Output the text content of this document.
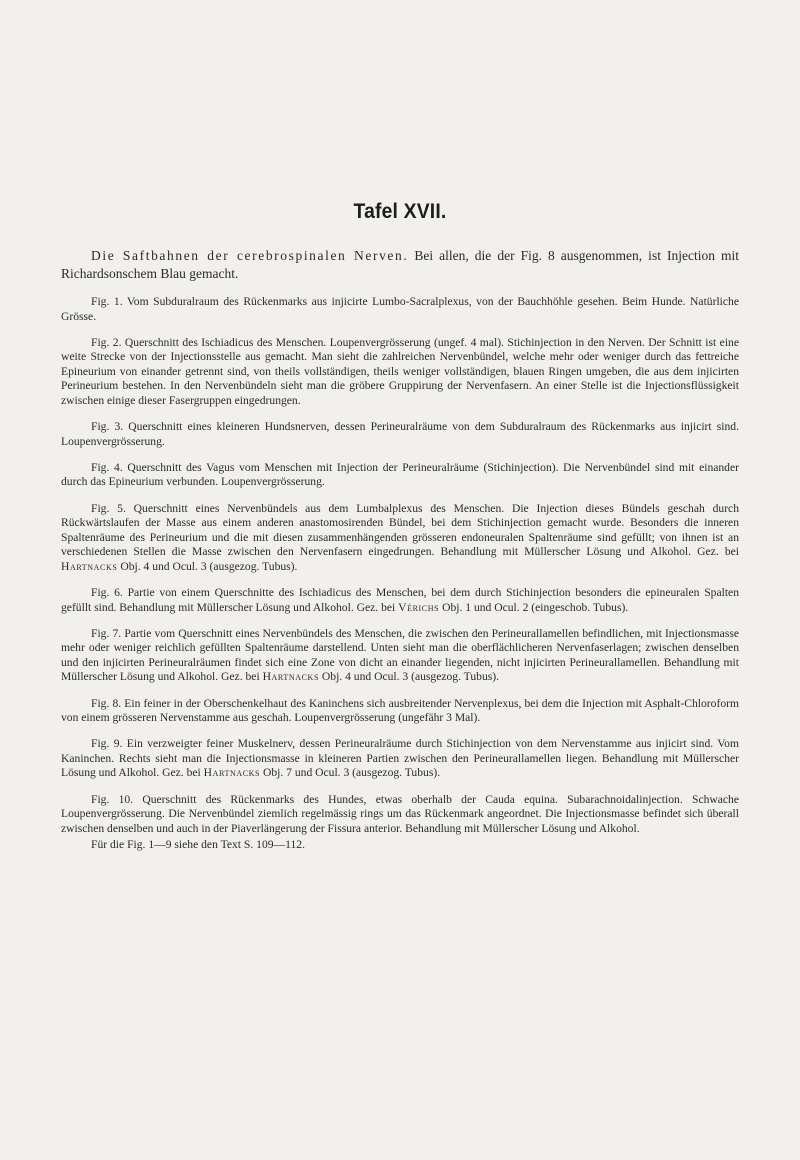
Tafel XVII.

Die Saftbahnen der cerebrospinalen Nerven. Bei allen, die der Fig. 8 ausgenommen, ist Injection mit Richardsonschem Blau gemacht.

Fig. 1. Vom Subduralraum des Rückenmarks aus injicirte Lumbo-Sacralplexus, von der Bauchhöhle gesehen. Beim Hunde. Natürliche Grösse.

Fig. 2. Querschnitt des Ischiadicus des Menschen. Loupenvergrösserung (ungef. 4 mal). Stichinjection in den Nerven. Der Schnitt ist eine weite Strecke von der Injectionsstelle aus gemacht. Man sieht die zahlreichen Nervenbündel, welche mehr oder weniger durch das fettreiche Epineurium von einander getrennt sind, von theils vollständigen, theils weniger vollständigen, blauen Ringen umgeben, die aus dem injicirten Perineurium bestehen. In den Nervenbündeln sieht man die gröbere Gruppirung der Nervenfasern. An einer Stelle ist die Injectionsflüssigkeit zwischen einige dieser Fasergruppen eingedrungen.

Fig. 3. Querschnitt eines kleineren Hundsnerven, dessen Perineuralräume von dem Subduralraum des Rückenmarks aus injicirt sind. Loupenvergrösserung.

Fig. 4. Querschnitt des Vagus vom Menschen mit Injection der Perineuralräume (Stichinjection). Die Nervenbündel sind mit einander durch das Epineurium verbunden. Loupenvergrösserung.

Fig. 5. Querschnitt eines Nervenbündels aus dem Lumbalplexus des Menschen. Die Injection dieses Bündels geschah durch Rückwärtslaufen der Masse aus einem anderen anastomosirenden Bündel, bei dem Stichinjection gemacht wurde. Besonders die inneren Spaltenräume des Perineurium und die mit diesen zusammenhängenden grösseren endoneuralen Spaltenräume sind gefüllt; von ihnen ist an verschiedenen Stellen die Masse zwischen den Nervenfasern eingedrungen. Behandlung mit Müllerscher Lösung und Alkohol. Gez. bei Hartnacks Obj. 4 und Ocul. 3 (ausgezog. Tubus).

Fig. 6. Partie von einem Querschnitte des Ischiadicus des Menschen, bei dem durch Stichinjection besonders die epineuralen Spalten gefüllt sind. Behandlung mit Müllerscher Lösung und Alkohol. Gez. bei Vérichs Obj. 1 und Ocul. 2 (eingeschob. Tubus).

Fig. 7. Partie vom Querschnitt eines Nervenbündels des Menschen, die zwischen den Perineurallamellen befindlichen, mit Injectionsmasse mehr oder weniger reichlich gefüllten Spaltenräume darstellend. Unten sieht man die oberflächlicheren Nervenfaserlagen; zwischen denselben und den injicirten Perineuralräumen findet sich eine Zone von dicht an einander liegenden, nicht injicirten Perineurallamellen. Behandlung mit Müllerscher Lösung und Alkohol. Gez. bei Hartnacks Obj. 4 und Ocul. 3 (ausgezog. Tubus).

Fig. 8. Ein feiner in der Oberschenkelhaut des Kaninchens sich ausbreitender Nervenplexus, bei dem die Injection mit Asphalt-Chloroform von einem grösseren Nervenstamme aus geschah. Loupenvergrösserung (ungefähr 3 Mal).

Fig. 9. Ein verzweigter feiner Muskelnerv, dessen Perineuralräume durch Stichinjection von dem Nervenstamme aus injicirt sind. Vom Kaninchen. Rechts sieht man die Injectionsmasse in kleineren Partien zwischen den Perineurallamellen liegen. Behandlung mit Müllerscher Lösung und Alkohol. Gez. bei Hartnacks Obj. 7 und Ocul. 3 (ausgezog. Tubus).

Fig. 10. Querschnitt des Rückenmarks des Hundes, etwas oberhalb der Cauda equina. Subarachnoidalinjection. Schwache Loupenvergrösserung. Die Nervenbündel ziemlich regelmässig rings um das Rückenmark angeordnet. Die Injectionsmasse befindet sich überall zwischen denselben und auch in der Piaverlängerung der Fissura anterior. Behandlung mit Müllerscher Lösung und Alkohol.

Für die Fig. 1—9 siehe den Text S. 109—112.
